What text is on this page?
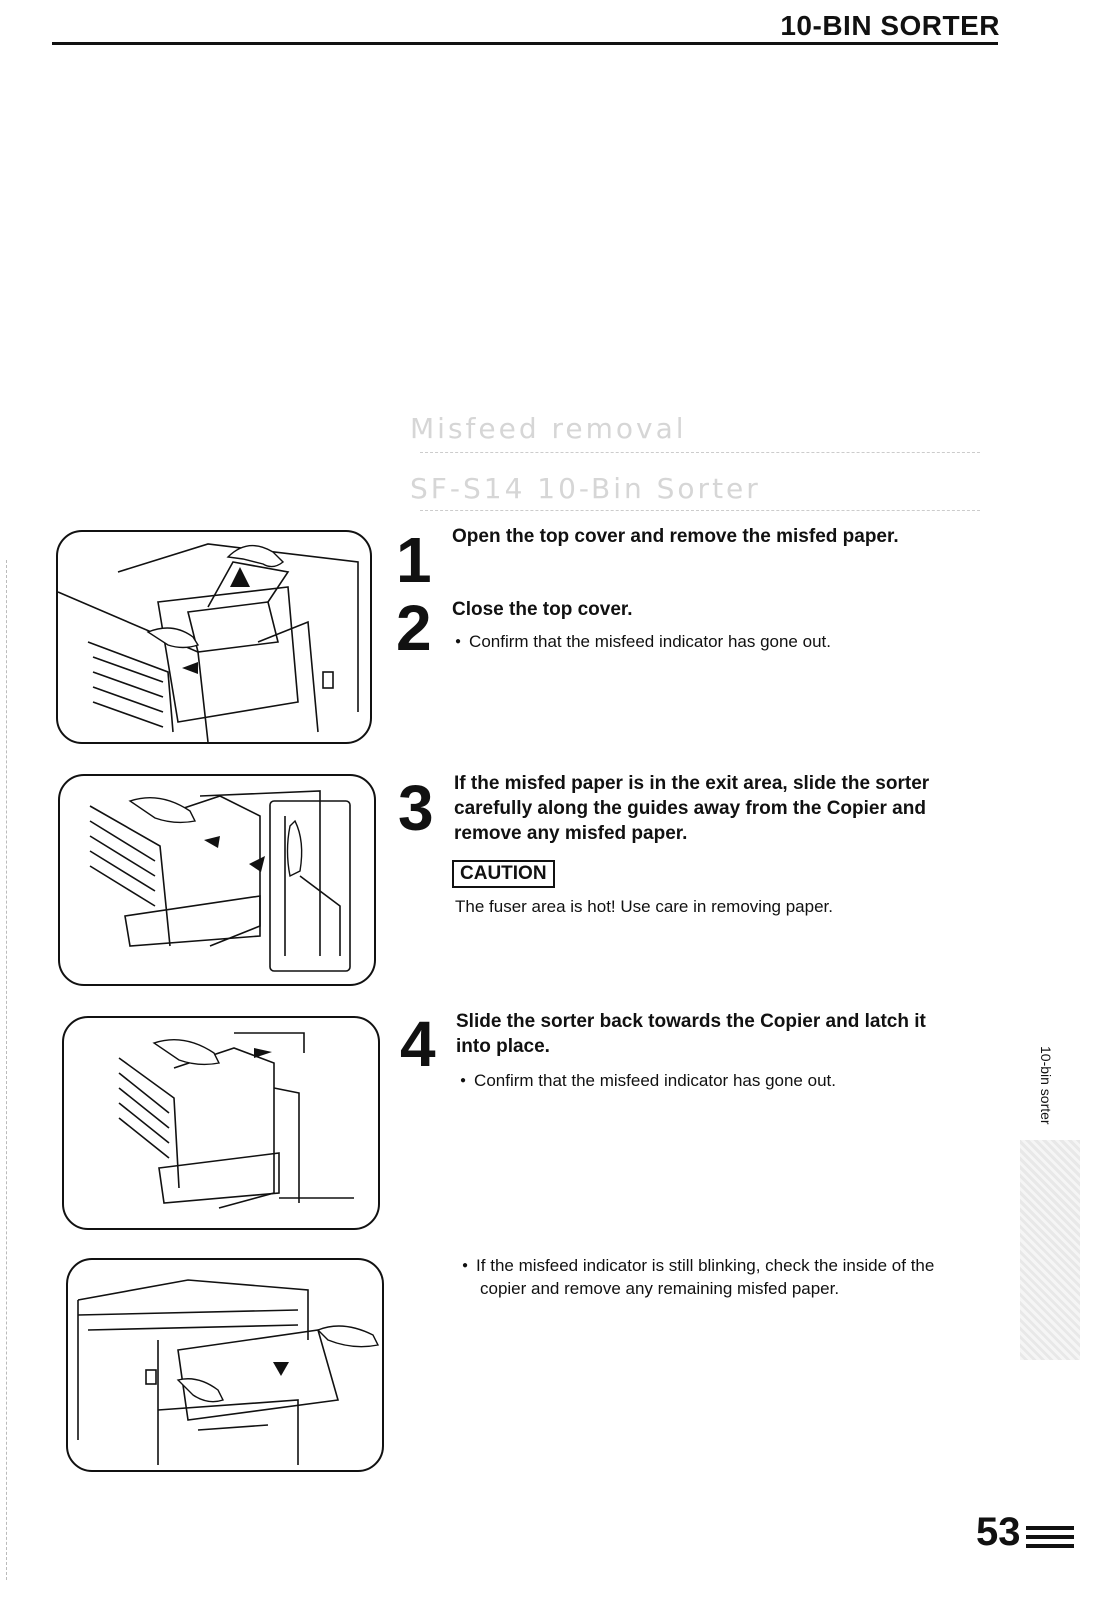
10-BIN SORTER
Misfeed removal
SF-S14 10-Bin Sorter
1 Open the top cover and remove the misfed paper.
2 Close the top cover.
● Confirm that the misfeed indicator has gone out.
3 If the misfed paper is in the exit area, slide the sorter
carefully along the guides away from the Copier and
remove any misfed paper.
CAUTION
The fuser area is hot! Use care in removing paper.
4 Slide the sorter back towards the Copier and latch it
into place.
● Confirm that the misfeed indicator has gone out.
● If the misfeed indicator is still blinking, check the inside of the
copier and remove any remaining misfed paper.
10-bin sorter
53
